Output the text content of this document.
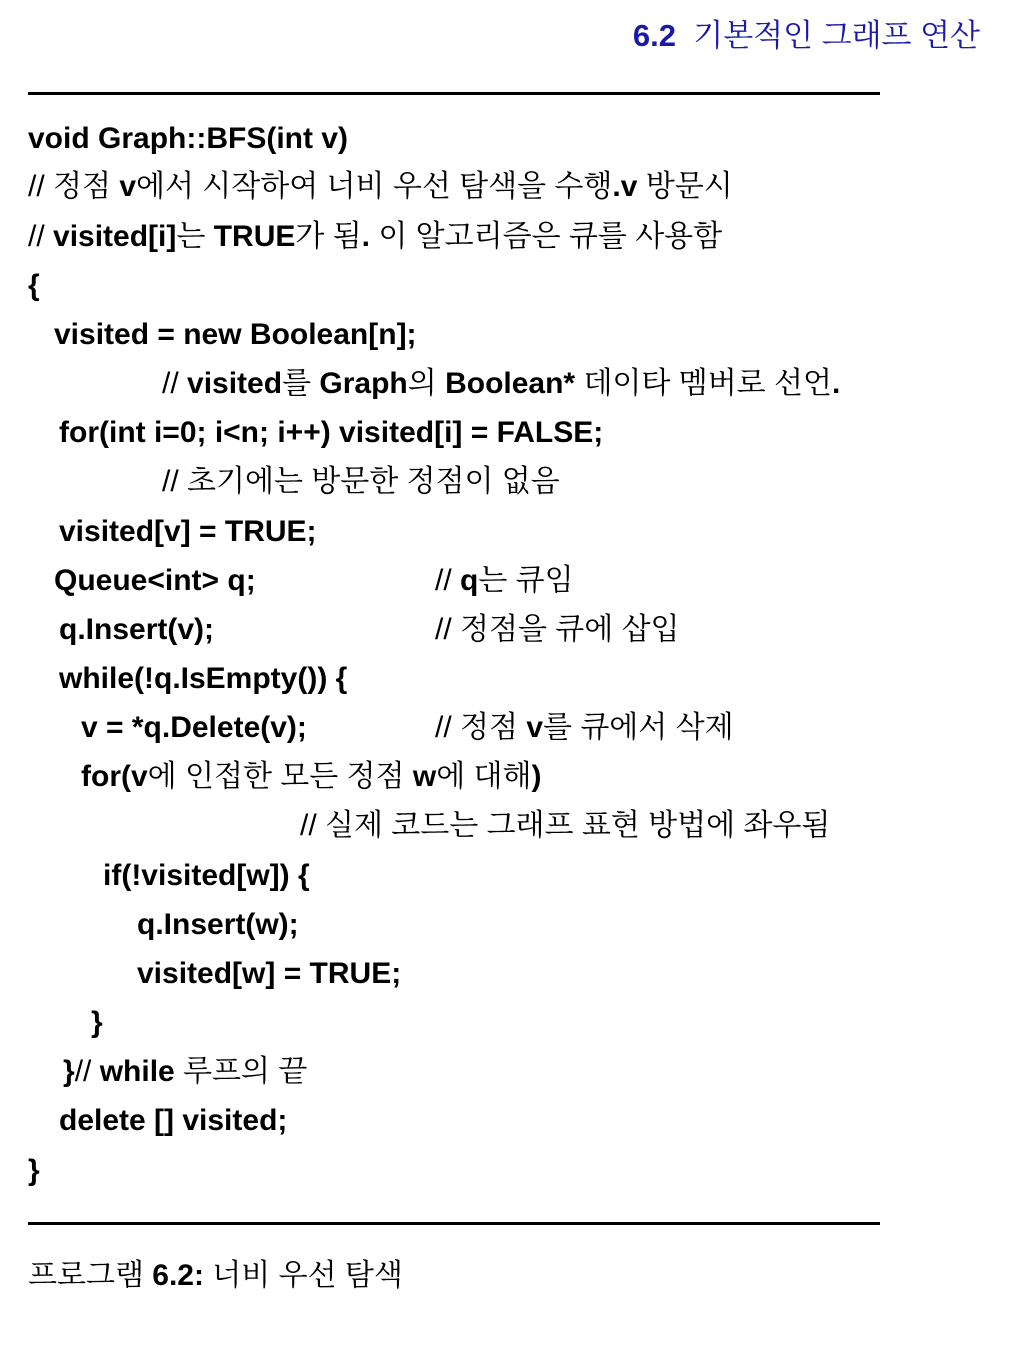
6.2 기본적인 그래프 연산
void Graph::BFS(int v)
// 정점 v에서 시작하여 너비 우선 탐색을 수행.v 방문시
// visited[i]는 TRUE가 됨. 이 알고리즘은 큐를 사용함
{
visited = new Boolean[n];
// visited를 Graph의 Boolean* 데이타 멤버로 선언.
for(int i=0; i<n; i++) visited[i] = FALSE;
// 초기에는 방문한 정점이 없음
visited[v] = TRUE;
Queue<int> q;	// q는 큐임
q.Insert(v);	// 정점을 큐에 삽입
while(!q.IsEmpty()) {
v = *q.Delete(v);	// 정점 v를 큐에서 삭제
for(v에 인접한 모든 정점 w에 대해)
// 실제 코드는 그래프 표현 방법에 좌우됨
if(!visited[w]) {
q.Insert(w);
visited[w] = TRUE;
}
}// while 루프의 끝
delete [] visited;
}
프로그램 6.2: 너비 우선 탐색
